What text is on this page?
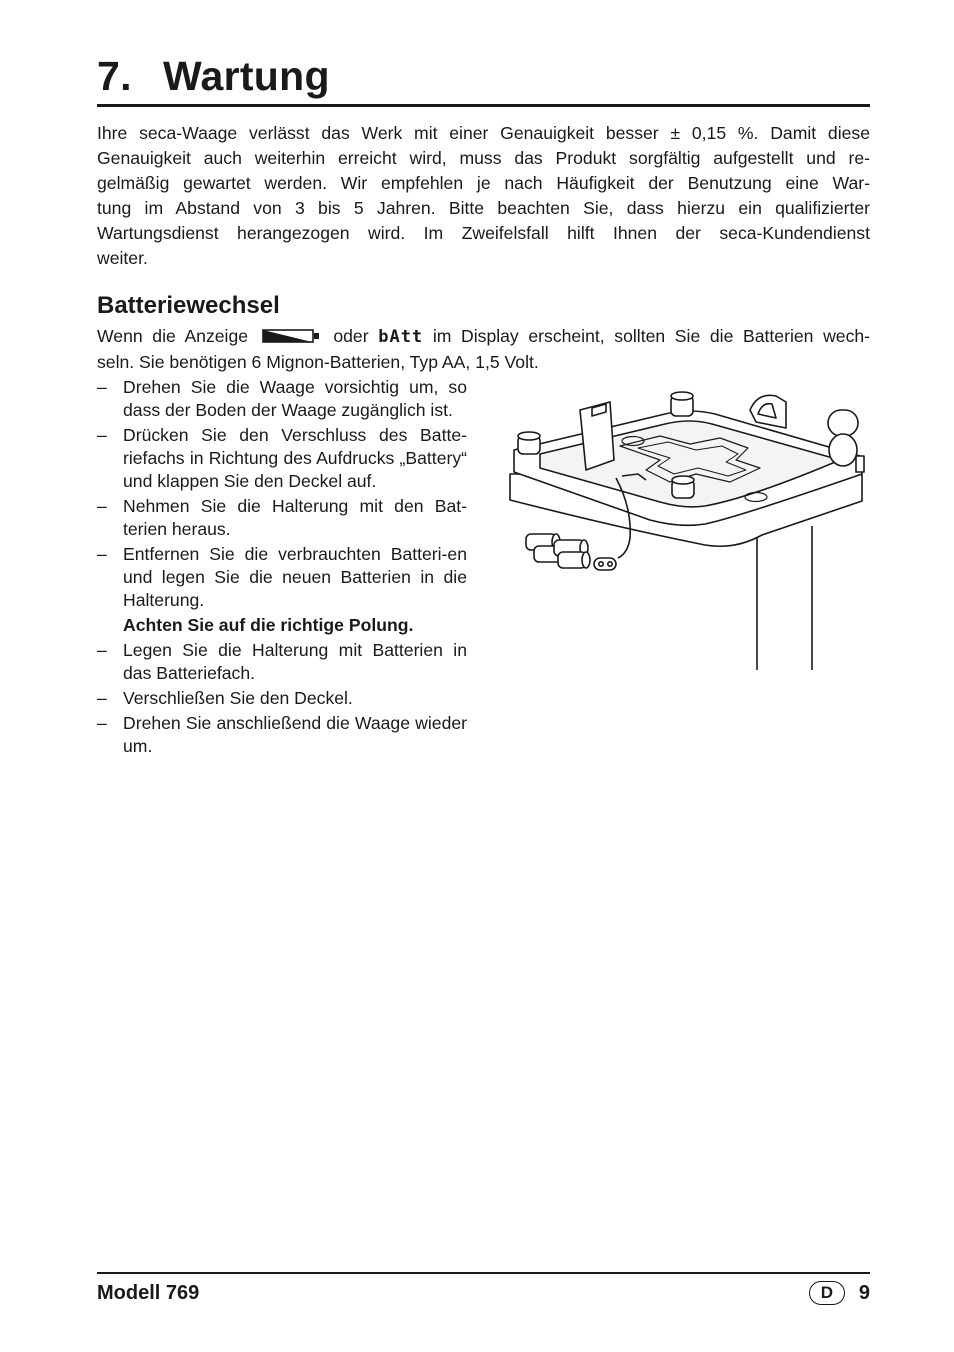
7. Wartung

Ihre seca-Waage verlässt das Werk mit einer Genauigkeit besser ± 0,15 %. Damit diese
Genauigkeit auch weiterhin erreicht wird, muss das Produkt sorgfältig aufgestellt und re-
gelmäßig gewartet werden. Wir empfehlen je nach Häufigkeit der Benutzung eine War-
tung im Abstand von 3 bis 5 Jahren. Bitte beachten Sie, dass hierzu ein qualifizierter
Wartungsdienst herangezogen wird. Im Zweifelsfall hilft Ihnen der seca-Kundendienst
weiter.

Batteriewechsel

Wenn die Anzeige	oder bAtt im Display erscheint, sollten Sie die Batterien wech-
seln. Sie benötigen 6 Mignon-Batterien, Typ AA, 1,5 Volt.

– Drehen Sie die Waage vorsichtig um, so dass der Boden der Waage zugänglich ist.
– Drücken Sie den Verschluss des Batte-riefachs in Richtung des Aufdrucks „Battery“ und klappen Sie den Deckel auf.
– Nehmen Sie die Halterung mit den Bat-terien heraus.
– Entfernen Sie die verbrauchten Batteri-en und legen Sie die neuen Batterien in die Halterung.
Achten Sie auf die richtige Polung.
– Legen Sie die Halterung mit Batterien in das Batteriefach.
– Verschließen Sie den Deckel.
– Drehen Sie anschließend die Waage wieder um.
Modell 769	D	9
